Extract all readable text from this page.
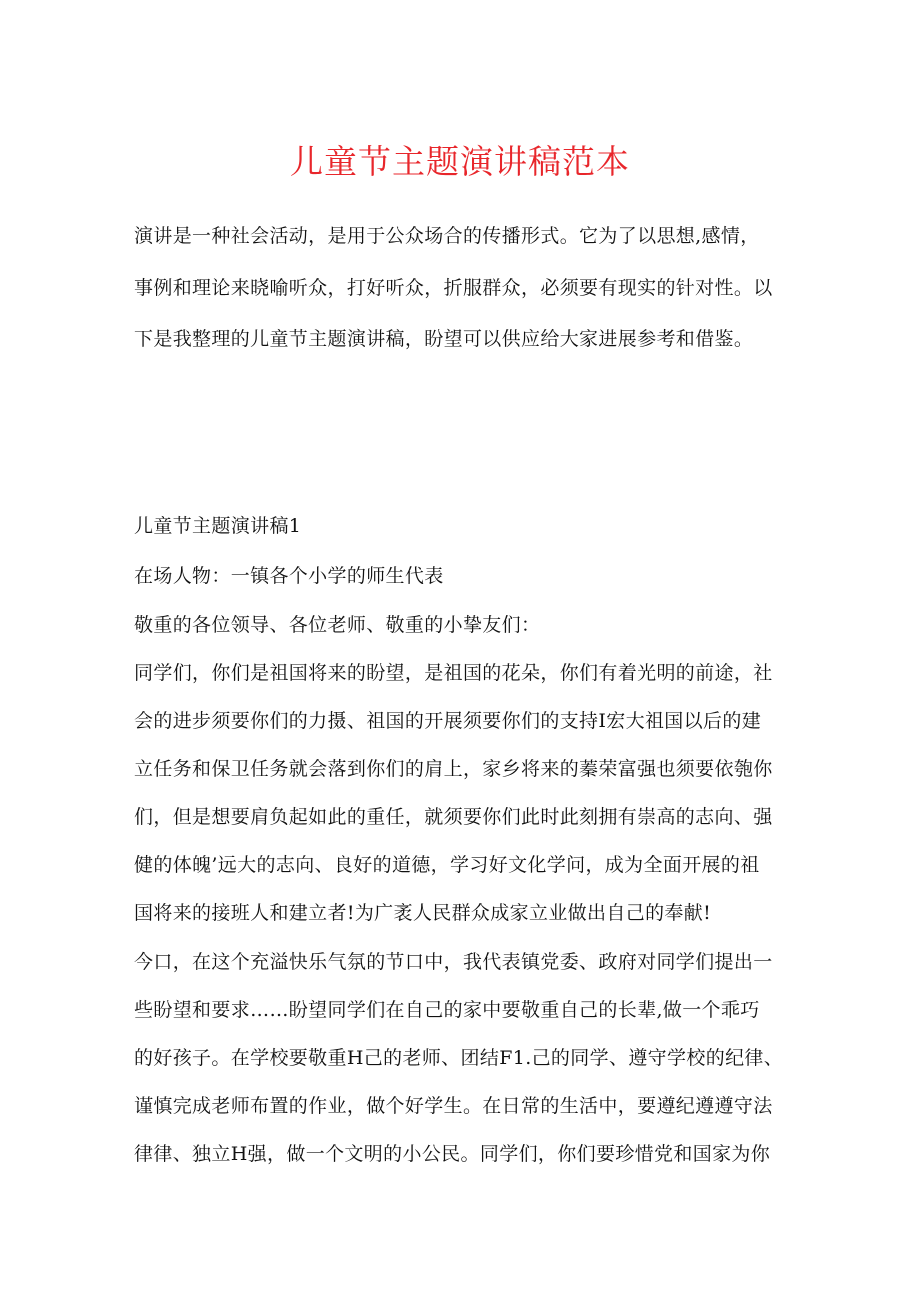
儿童节主题演讲稿范本
演讲是一种社会活动，是用于公众场合的传播形式。它为了以思想,感情，
事例和理论来晓喻听众，打好听众，折服群众，必须要有现实的针对性。以
下是我整理的儿童节主题演讲稿，盼望可以供应给大家进展参考和借鉴。
儿童节主题演讲稿1
在场人物：一镇各个小学的师生代表
敬重的各位领导、各位老师、敬重的小挚友们：
同学们，你们是祖国将来的盼望，是祖国的花朵，你们有着光明的前途，社
会的进步须要你们的力摄、祖国的开展须要你们的支持I宏大祖国以后的建
立任务和保卫任务就会落到你们的肩上，家乡将来的蓁荣富强也须要依匏你
们，但是想要肩负起如此的重任，就须要你们此时此刻拥有崇高的志向、强
健的体魄’远大的志向、良好的道德，学习好文化学问，成为全面开展的祖
国将来的接班人和建立者!为广袤人民群众成家立业做出自己的奉献!
今口，在这个充溢快乐气氛的节口中，我代表镇党委、政府对同学们提出一
些盼望和要求……盼望同学们在自己的家中要敬重自己的长辈,做一个乖巧
的好孩子。在学校要敬重H己的老师、团结F1.己的同学、遵守学校的纪律、
谨慎完成老师布置的作业，做个好学生。在日常的生活中，要遵纪遵遵守法
律律、独立H强，做一个文明的小公民。同学们，你们要珍惜党和国家为你
